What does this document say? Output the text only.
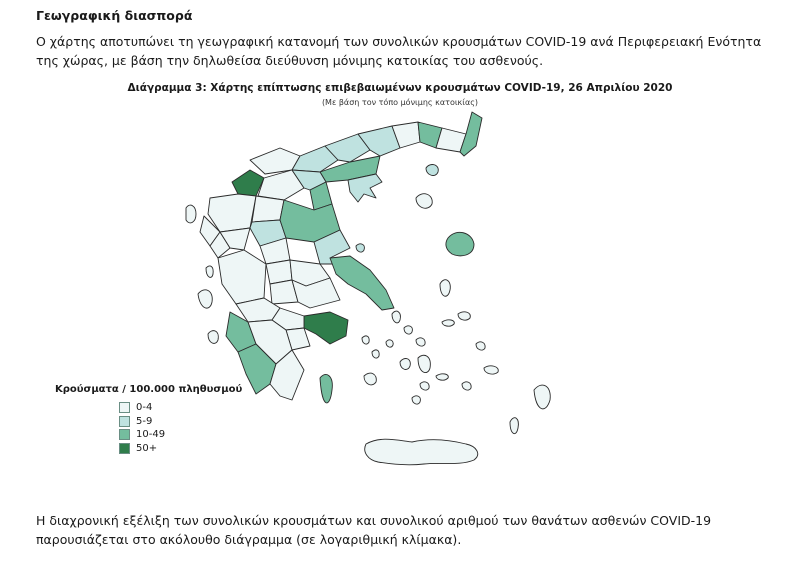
Γεωγραφική διασπορά
Ο χάρτης αποτυπώνει τη γεωγραφική κατανομή των συνολικών κρουσμάτων COVID-19 ανά Περιφερειακή Ενότητα της χώρας, με βάση την δηλωθείσα διεύθυνση μόνιμης κατοικίας του ασθενούς.
Διάγραμμα 3: Χάρτης επίπτωσης επιβεβαιωμένων κρουσμάτων COVID-19, 26 Απριλίου 2020
(Με βάση τον τόπο μόνιμης κατοικίας)
Κρούσματα / 100.000 πληθυσμού
0-4
5-9
10-49
50+
Η διαχρονική εξέλιξη των συνολικών κρουσμάτων και συνολικού αριθμού των θανάτων ασθενών COVID-19 παρουσιάζεται στο ακόλουθο διάγραμμα (σε λογαριθμική κλίμακα).
